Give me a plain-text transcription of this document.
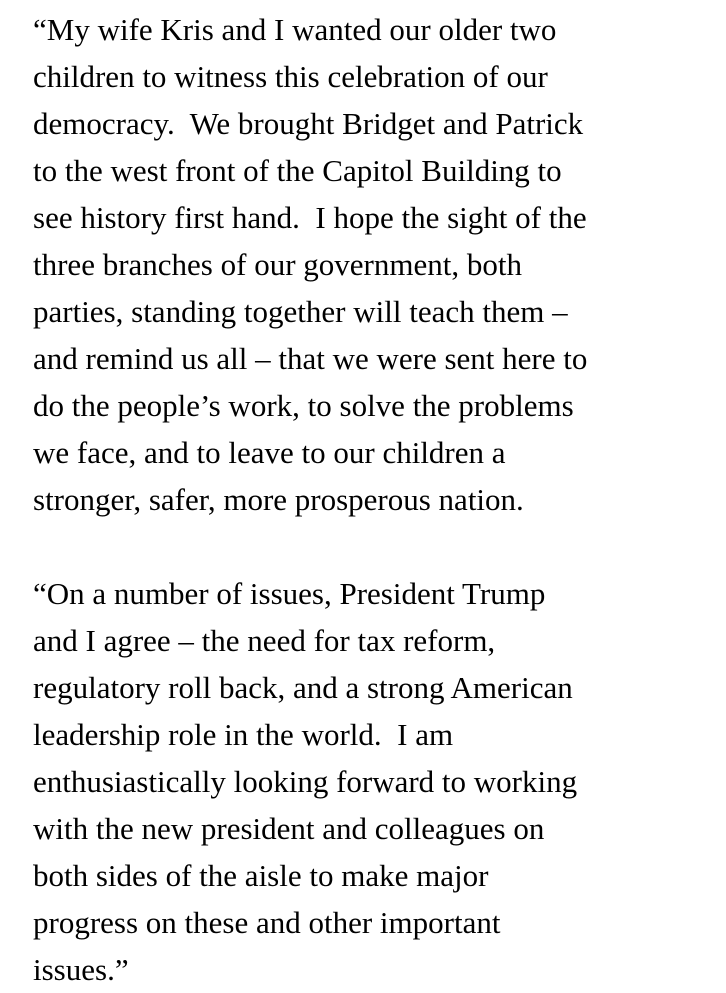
“My wife Kris and I wanted our older two
children to witness this celebration of our
democracy.  We brought Bridget and Patrick
to the west front of the Capitol Building to
see history first hand.  I hope the sight of the
three branches of our government, both
parties, standing together will teach them –
and remind us all – that we were sent here to
do the people’s work, to solve the problems
we face, and to leave to our children a
stronger, safer, more prosperous nation.
“On a number of issues, President Trump
and I agree – the need for tax reform,
regulatory roll back, and a strong American
leadership role in the world.  I am
enthusiastically looking forward to working
with the new president and colleagues on
both sides of the aisle to make major
progress on these and other important
issues.”
